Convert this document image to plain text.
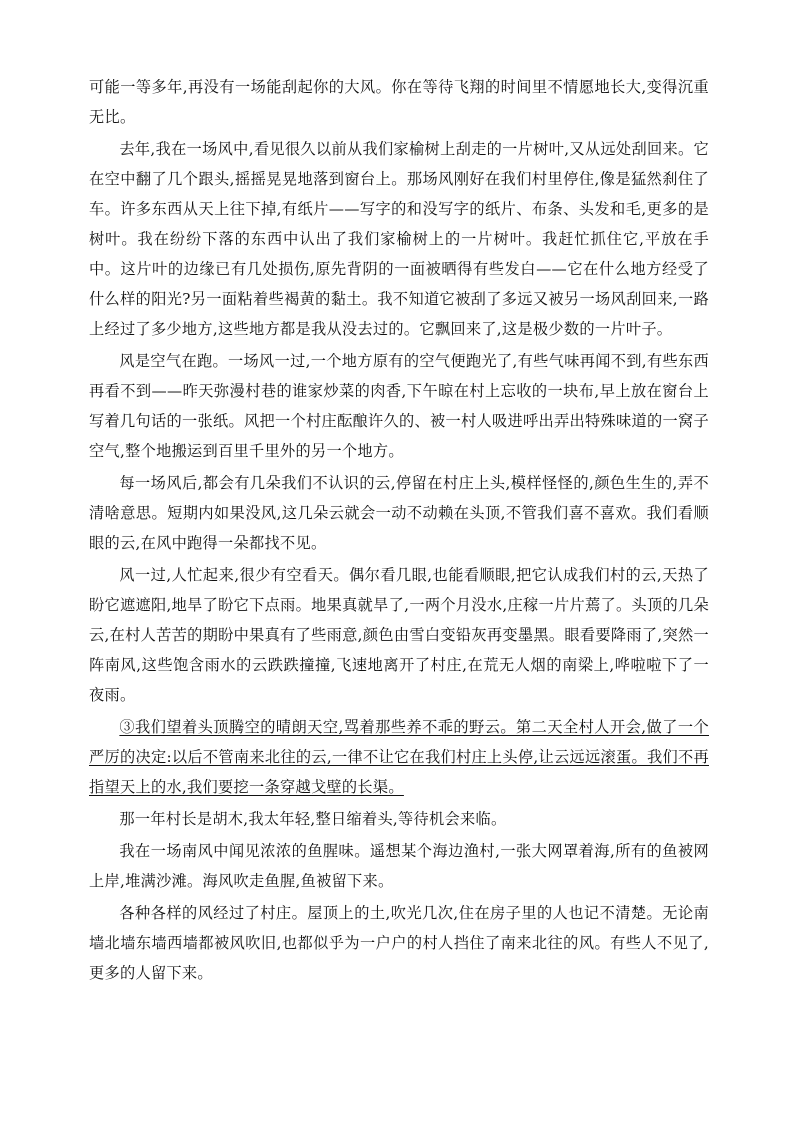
可能一等多年,再没有一场能刮起你的大风。你在等待飞翔的时间里不情愿地长大,变得沉重无比。

去年,我在一场风中,看见很久以前从我们家榆树上刮走的一片树叶,又从远处刮回来。它在空中翻了几个跟头,摇摇晃晃地落到窗台上。那场风刚好在我们村里停住,像是猛然刹住了车。许多东西从天上往下掉,有纸片——写字的和没写字的纸片、布条、头发和毛,更多的是树叶。我在纷纷下落的东西中认出了我们家榆树上的一片树叶。我赶忙抓住它,平放在手中。这片叶的边缘已有几处损伤,原先背阴的一面被晒得有些发白——它在什么地方经受了什么样的阳光?另一面粘着些褐黄的黏土。我不知道它被刮了多远又被另一场风刮回来,一路上经过了多少地方,这些地方都是我从没去过的。它飘回来了,这是极少数的一片叶子。

风是空气在跑。一场风一过,一个地方原有的空气便跑光了,有些气味再闻不到,有些东西再看不到——昨天弥漫村巷的谁家炒菜的肉香,下午晾在村上忘收的一块布,早上放在窗台上写着几句话的一张纸。风把一个村庄酝酿许久的、被一村人吸进呼出弄出特殊味道的一窝子空气,整个地搬运到百里千里外的另一个地方。

每一场风后,都会有几朵我们不认识的云,停留在村庄上头,模样怪怪的,颜色生生的,弄不清啥意思。短期内如果没风,这几朵云就会一动不动赖在头顶,不管我们喜不喜欢。我们看顺眼的云,在风中跑得一朵都找不见。

风一过,人忙起来,很少有空看天。偶尔看几眼,也能看顺眼,把它认成我们村的云,天热了盼它遮遮阳,地旱了盼它下点雨。地果真就旱了,一两个月没水,庄稼一片片蔫了。头顶的几朵云,在村人苦苦的期盼中果真有了些雨意,颜色由雪白变铅灰再变墨黑。眼看要降雨了,突然一阵南风,这些饱含雨水的云跌跌撞撞,飞速地离开了村庄,在荒无人烟的南梁上,哗啦啦下了一夜雨。

③我们望着头顶腾空的晴朗天空,骂着那些养不乖的野云。第二天全村人开会,做了一个严厉的决定:以后不管南来北往的云,一律不让它在我们村庄上头停,让云远远滚蛋。我们不再指望天上的水,我们要挖一条穿越戈壁的长渠。

那一年村长是胡木,我太年轻,整日缩着头,等待机会来临。

我在一场南风中闻见浓浓的鱼腥味。遥想某个海边渔村,一张大网罩着海,所有的鱼被网上岸,堆满沙滩。海风吹走鱼腥,鱼被留下来。

各种各样的风经过了村庄。屋顶上的土,吹光几次,住在房子里的人也记不清楚。无论南墙北墙东墙西墙都被风吹旧,也都似乎为一户户的村人挡住了南来北往的风。有些人不见了,更多的人留下来。
